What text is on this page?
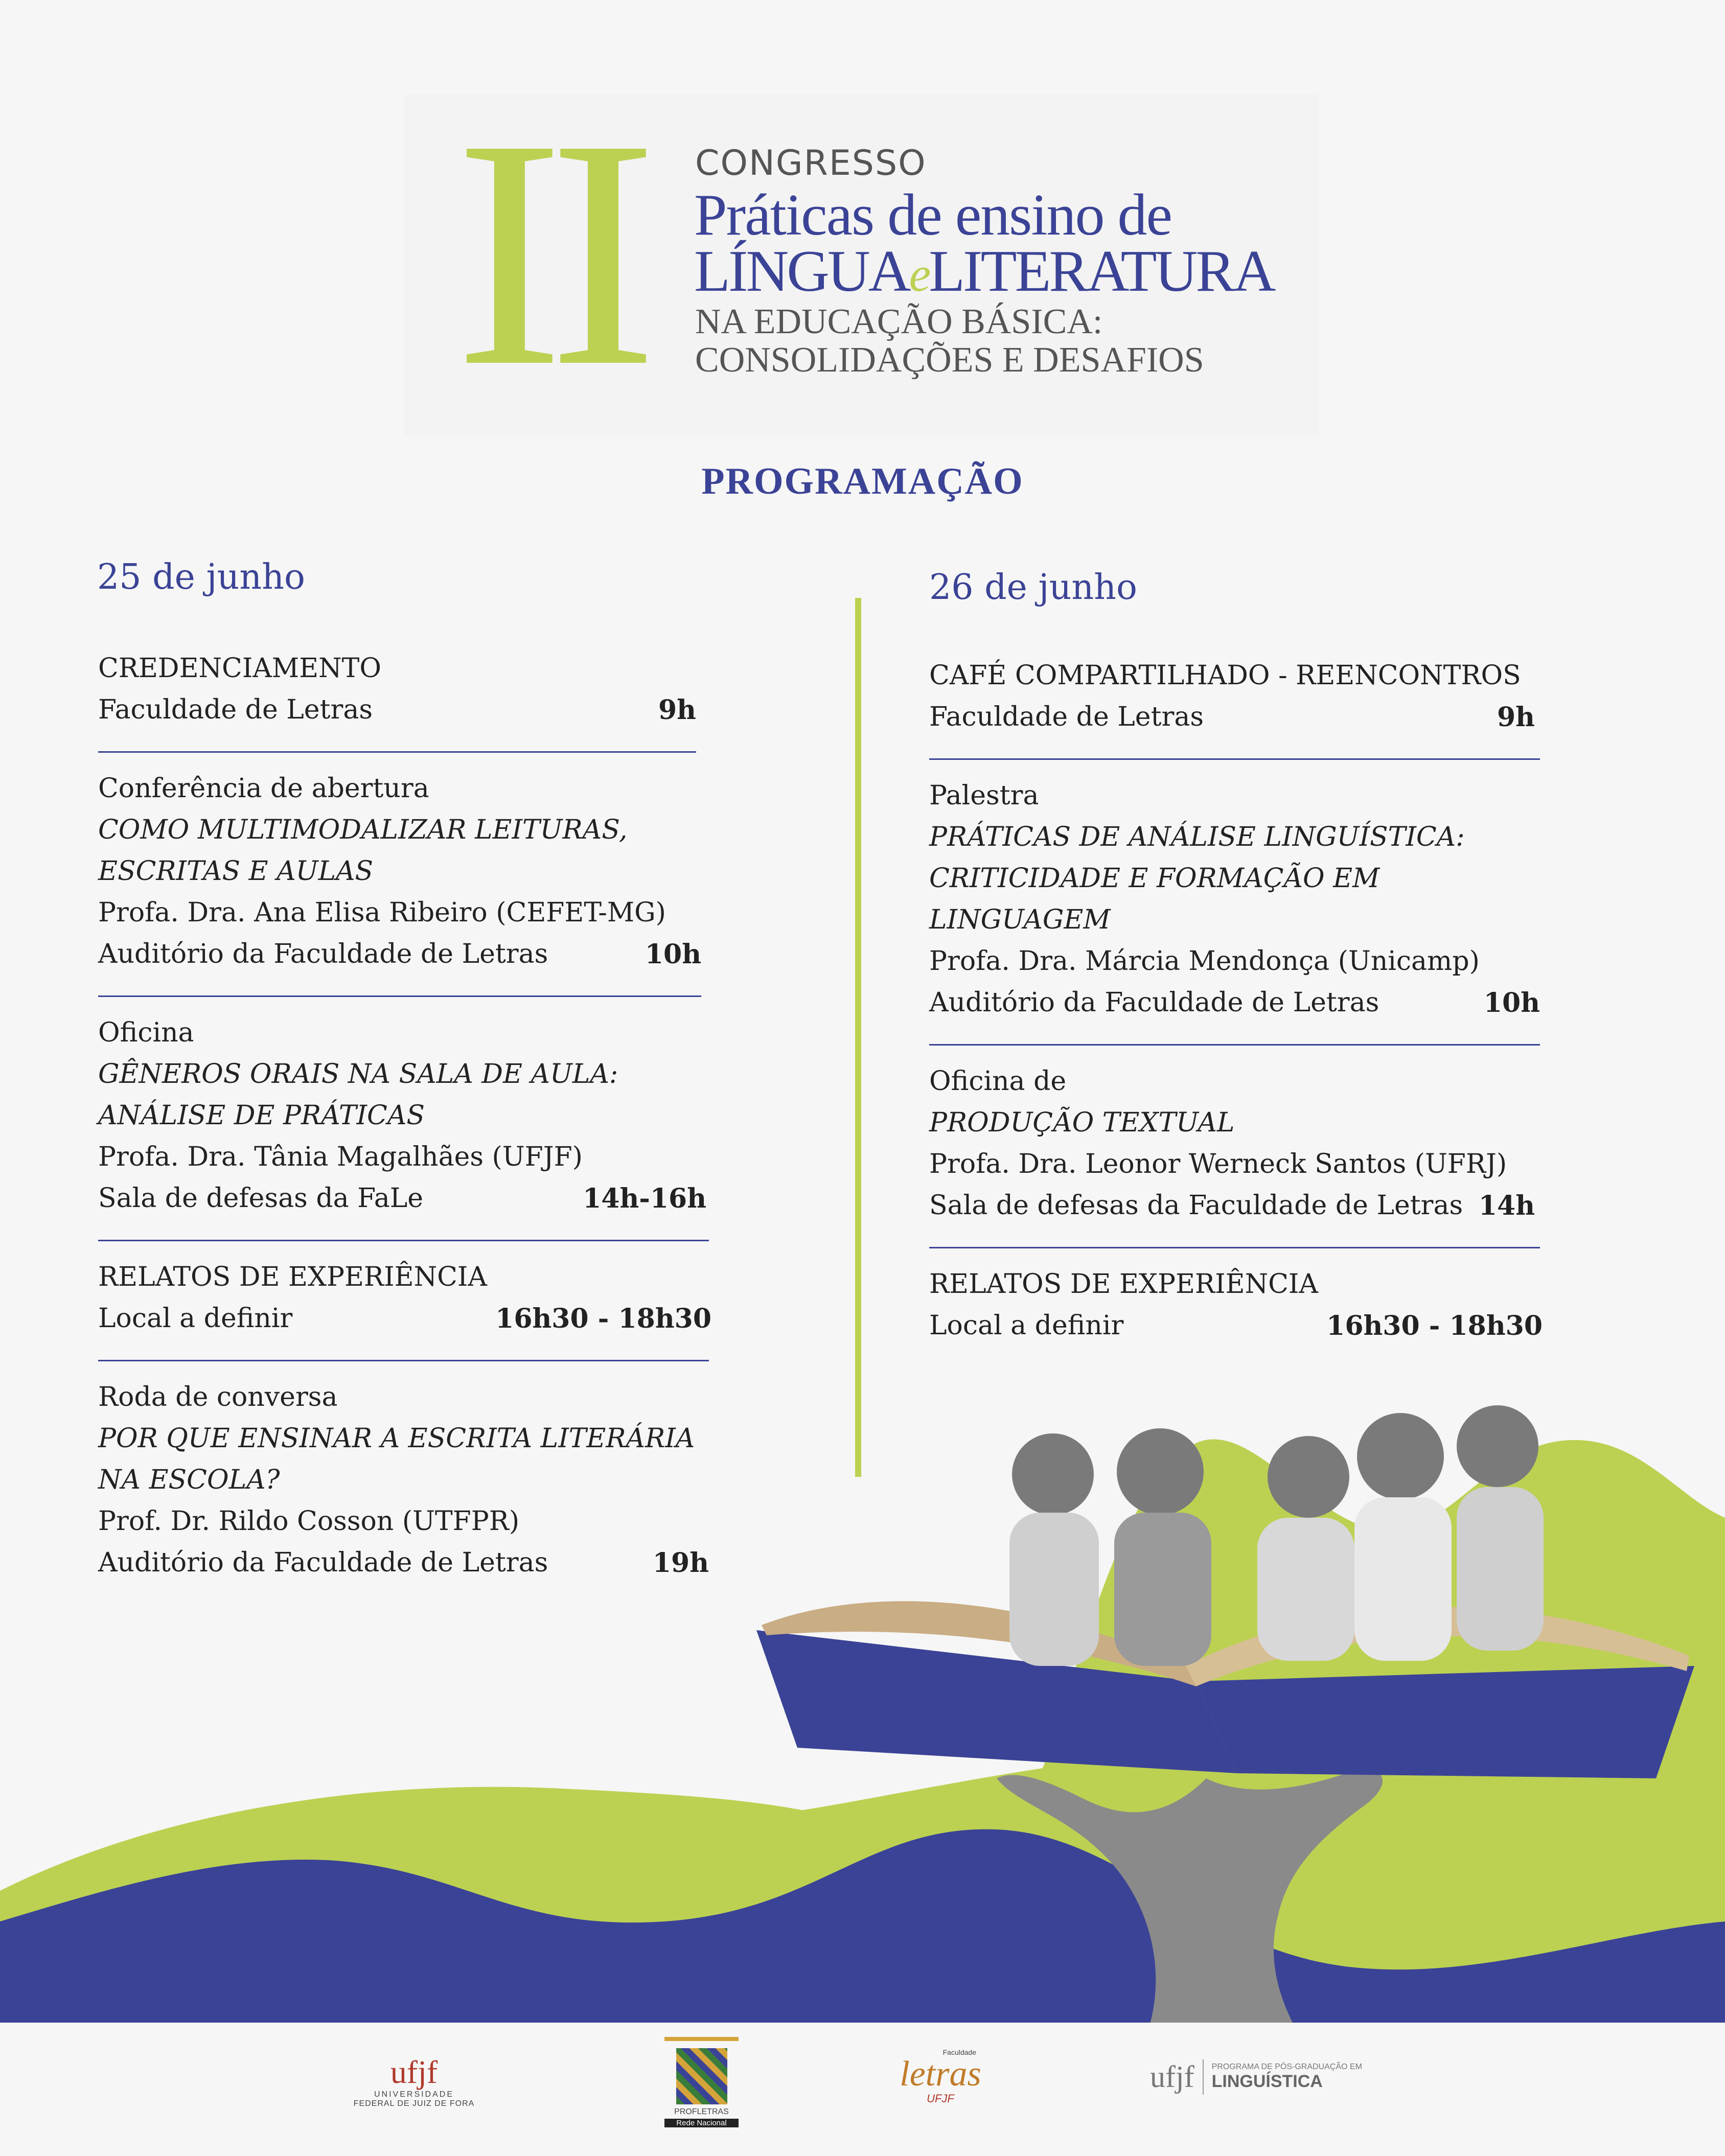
II CONGRESSO
Práticas de ensino de
LÍNGUAeLITERATURA
NA EDUCAÇÃO BÁSICA:
CONSOLIDAÇÕES E DESAFIOS
PROGRAMAÇÃO
25 de junho	26 de junho
CREDENCIAMENTO
Faculdade de Letras	9h
Conferência de abertura
COMO MULTIMODALIZAR LEITURAS, ESCRITAS E AULAS
Profa. Dra. Ana Elisa Ribeiro (CEFET-MG)
Auditório da Faculdade de Letras	10h
Oficina
GÊNEROS ORAIS NA SALA DE AULA: ANÁLISE DE PRÁTICAS
Profa. Dra. Tânia Magalhães (UFJF)
Sala de defesas da FaLe	14h-16h
RELATOS DE EXPERIÊNCIA
Local a definir	16h30 - 18h30
Roda de conversa
POR QUE ENSINAR A ESCRITA LITERÁRIA NA ESCOLA?
Prof. Dr. Rildo Cosson (UTFPR)
Auditório da Faculdade de Letras	19h
CAFÉ COMPARTILHADO - REENCONTROS
Faculdade de Letras	9h
Palestra
PRÁTICAS DE ANÁLISE LINGUÍSTICA: CRITICIDADE E FORMAÇÃO EM LINGUAGEM
Profa. Dra. Márcia Mendonça (Unicamp)
Auditório da Faculdade de Letras	10h
Oficina de
PRODUÇÃO TEXTUAL
Profa. Dra. Leonor Werneck Santos (UFRJ)
Sala de defesas da Faculdade de Letras 14h
RELATOS DE EXPERIÊNCIA
Local a definir	16h30 - 18h30
ufjf
UNIVERSIDADE
FEDERAL DE JUIZ DE FORA
PROFLETRAS
Rede Nacional
Faculdade
letras
UFJF
ufjf	PROGRAMA DE PÓS-GRADUAÇÃO EM
LINGUÍSTICA
